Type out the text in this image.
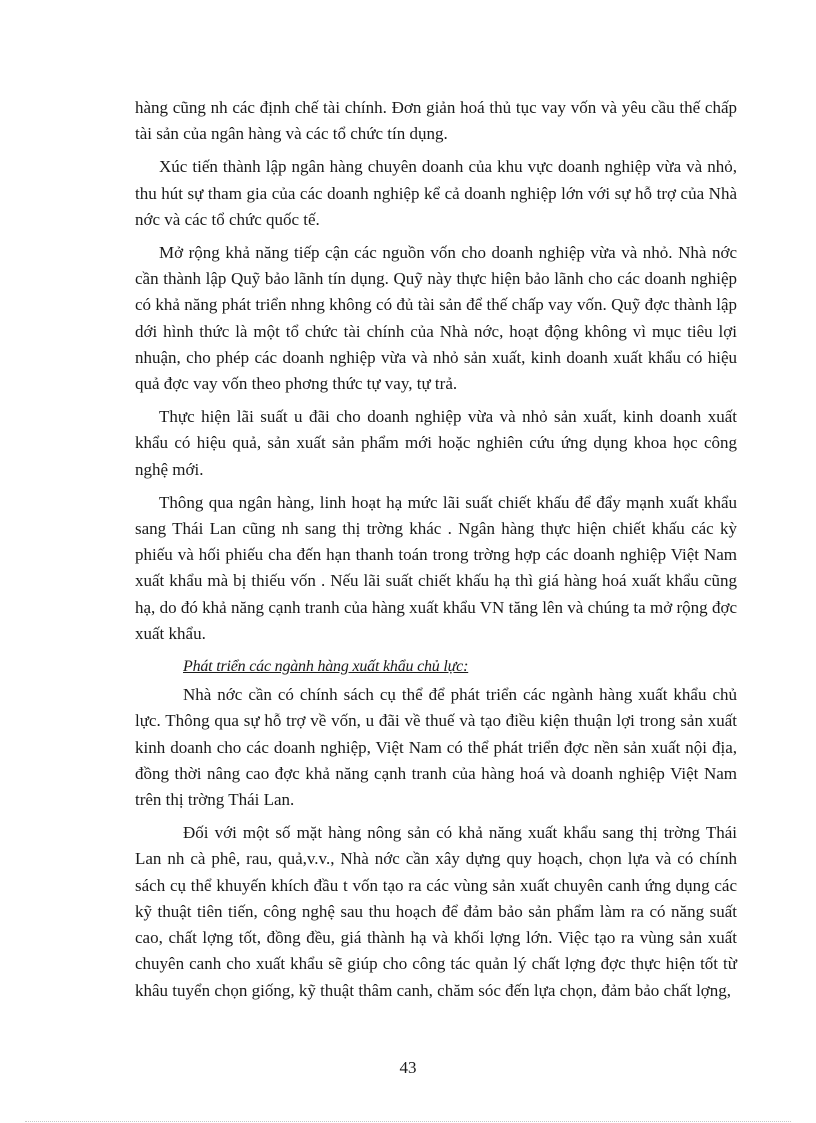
hàng cũng nh các định chế tài chính. Đơn giản hoá thủ tục vay vốn và yêu cầu thế chấp tài sản của ngân hàng và các tổ chức tín dụng.

Xúc tiến thành lập ngân hàng chuyên doanh của khu vực doanh nghiệp vừa và nhỏ, thu hút sự tham gia của các doanh nghiệp kể cả doanh nghiệp lớn với sự hỗ trợ của Nhà nớc và các tổ chức quốc tế.

Mở rộng khả năng tiếp cận các nguồn vốn cho doanh nghiệp vừa và nhỏ. Nhà nớc cần thành lập Quỹ bảo lãnh tín dụng. Quỹ này thực hiện bảo lãnh cho các doanh nghiệp có khả năng phát triển nhng không có đủ tài sản để thế chấp vay vốn. Quỹ đợc thành lập dới hình thức là một tổ chức tài chính của Nhà nớc, hoạt động không vì mục tiêu lợi nhuận, cho phép các doanh nghiệp vừa và nhỏ sản xuất, kinh doanh xuất khẩu có hiệu quả đợc vay vốn theo phơng thức tự vay, tự trả.

Thực hiện lãi suất u đãi cho doanh nghiệp vừa và nhỏ sản xuất, kinh doanh xuất khẩu có hiệu quả, sản xuất sản phẩm mới hoặc nghiên cứu ứng dụng khoa học công nghệ mới.

Thông qua ngân hàng, linh hoạt hạ mức lãi suất chiết khấu để đẩy mạnh xuất khẩu sang Thái Lan cũng nh sang thị trờng khác . Ngân hàng thực hiện chiết khấu các kỳ phiếu và hối phiếu cha đến hạn thanh toán trong trờng hợp các doanh nghiệp Việt Nam xuất khẩu mà bị thiếu vốn . Nếu lãi suất chiết khấu hạ thì giá hàng hoá xuất khẩu cũng hạ, do đó khả năng cạnh tranh của hàng xuất khẩu VN tăng lên và chúng ta mở rộng đợc xuất khẩu.

Phát triển các ngành hàng xuất khẩu chủ lực:

Nhà nớc cần có chính sách cụ thể để phát triển các ngành hàng xuất khẩu chủ lực. Thông qua sự hỗ trợ về vốn, u đãi về thuế và tạo điều kiện thuận lợi trong sản xuất kinh doanh cho các doanh nghiệp, Việt Nam có thể phát triển đợc nền sản xuất nội địa, đồng thời nâng cao đợc khả năng cạnh tranh của hàng hoá và doanh nghiệp Việt Nam trên thị trờng Thái Lan.

Đối với một số mặt hàng nông sản có khả năng xuất khẩu sang thị trờng Thái Lan nh cà phê, rau, quả,v.v., Nhà nớc cần xây dựng quy hoạch, chọn lựa và có chính sách cụ thể khuyến khích đầu t vốn tạo ra các vùng sản xuất chuyên canh ứng dụng các kỹ thuật tiên tiến, công nghệ sau thu hoạch để đảm bảo sản phẩm làm ra có năng suất cao, chất lợng tốt, đồng đều, giá thành hạ và khối lợng lớn. Việc tạo ra vùng sản xuất chuyên canh cho xuất khẩu sẽ giúp cho công tác quản lý chất lợng đợc thực hiện tốt từ khâu tuyển chọn giống, kỹ thuật thâm canh, chăm sóc đến lựa chọn, đảm bảo chất lợng,

43
